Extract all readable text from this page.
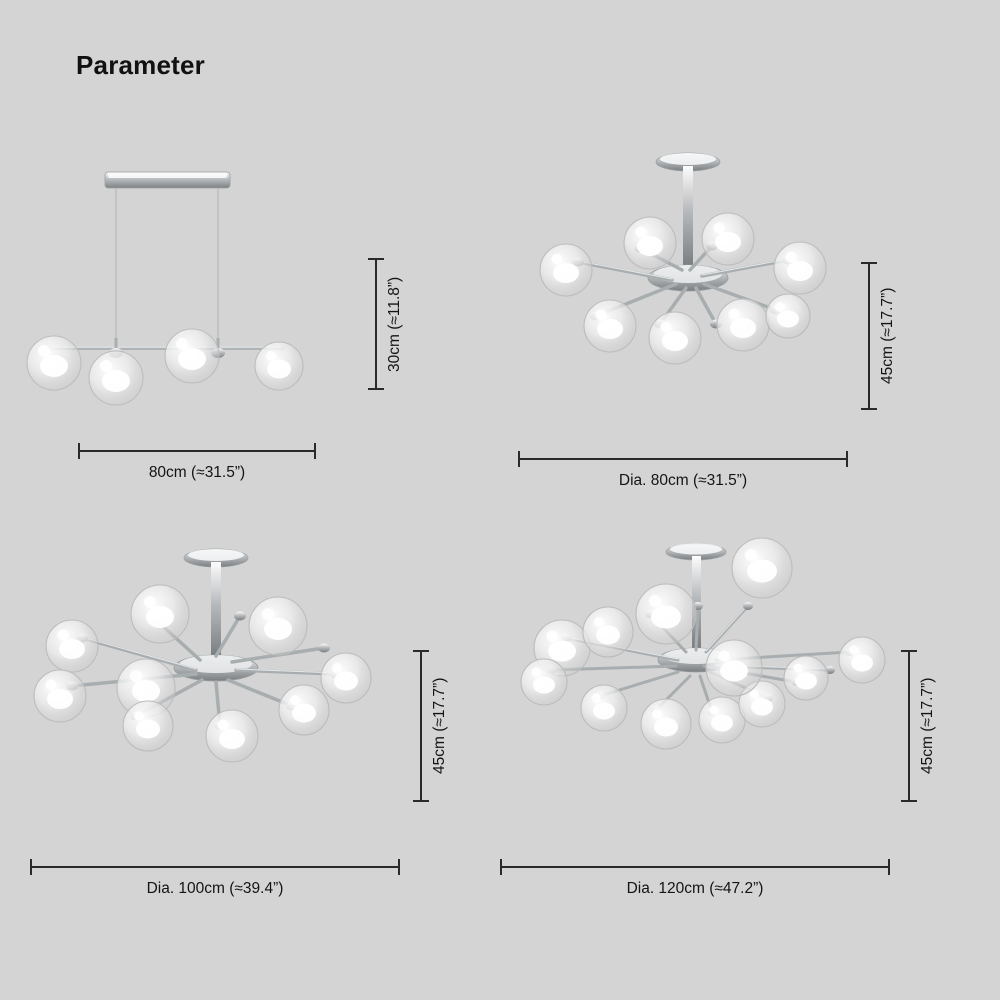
Parameter
30cm (≈11.8”)
80cm (≈31.5”)
45cm (≈17.7”)
Dia. 80cm (≈31.5”)
45cm (≈17.7”)
Dia. 100cm (≈39.4”)
45cm (≈17.7”)
Dia. 120cm (≈47.2”)
